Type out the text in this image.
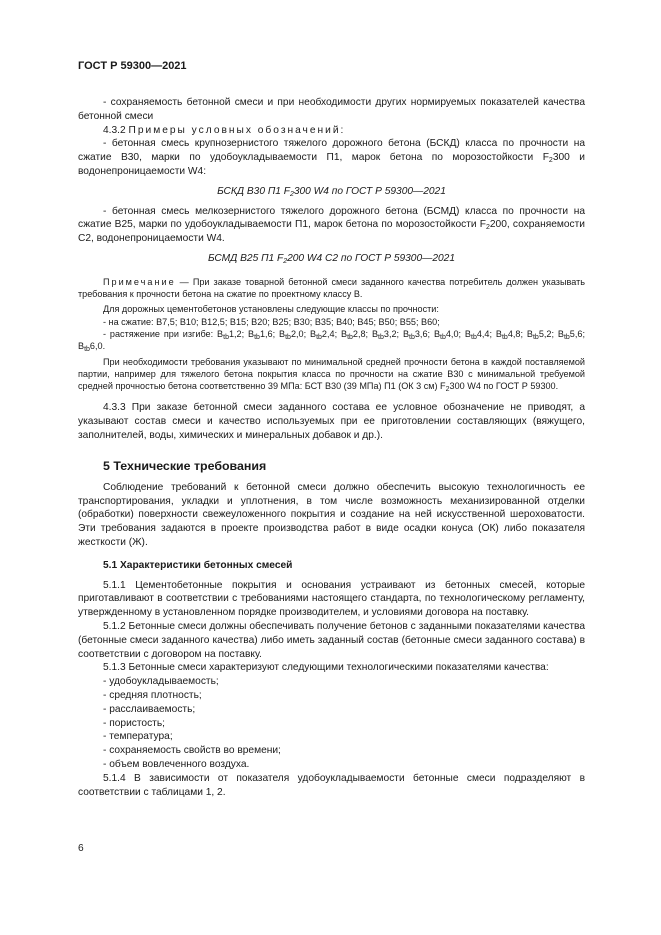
ГОСТ Р 59300—2021

- сохраняемость бетонной смеси и при необходимости других нормируемых показателей качества бетонной смеси

4.3.2 Примеры условных обозначений:

- бетонная смесь крупнозернистого тяжелого дорожного бетона (БСКД) класса по прочности на сжатие В30, марки по удобоукладываемости П1, марок бетона по морозостойкости $F_2300$ и водонепроницаемости W4:

БСКД В30 П1 $F_2300$ W4 по ГОСТ Р 59300—2021

- бетонная смесь мелкозернистого тяжелого дорожного бетона (БСМД) класса по прочности на сжатие В25, марки по удобоукладываемости П1, марок бетона по морозостойкости $F_2200$, сохраняемости С2, водонепроницаемости W4.

БСМД В25 П1 $F_2200$ W4 С2 по ГОСТ Р 59300—2021

Примечание — При заказе товарной бетонной смеси заданного качества потребитель должен указывать требования к прочности бетона на сжатие по проектному классу В.

Для дорожных цементобетонов установлены следующие классы по прочности:

- на сжатие: В7,5; В10; В12,5; В15; В20; В25; В30; В35; В40; В45; В50; В55; В60;

- растяжение при изгибе: $B_{tb}1,2$; $B_{tb}1,6$; $B_{tb}2,0$; $B_{tb}2,4$; $B_{tb}2,8$; $B_{tb}3,2$; $B_{tb}3,6$; $B_{tb}4,0$; $B_{tb}4,4$; $B_{tb}4,8$; $B_{tb}5,2$; $B_{tb}5,6$; $B_{tb}6,0$.

При необходимости требования указывают по минимальной средней прочности бетона в каждой поставляемой партии, например для тяжелого бетона покрытия класса по прочности на сжатие В30 с минимальной требуемой средней прочностью бетона соответственно 39 МПа: БСТ В30 (39 МПа) П1 (ОК 3 см) $F_2300$ W4 по ГОСТ Р 59300.

4.3.3 При заказе бетонной смеси заданного состава ее условное обозначение не приводят, а указывают состав смеси и качество используемых при ее приготовлении составляющих (вяжущего, заполнителей, воды, химических и минеральных добавок и др.).

5 Технические требования

Соблюдение требований к бетонной смеси должно обеспечить высокую технологичность ее транспортирования, укладки и уплотнения, в том числе возможность механизированной отделки (обработки) поверхности свежеуложенного покрытия и создание на ней искусственной шероховатости. Эти требования задаются в проекте производства работ в виде осадки конуса (ОК) либо показателя жесткости (Ж).

5.1 Характеристики бетонных смесей

5.1.1 Цементобетонные покрытия и основания устраивают из бетонных смесей, которые приготавливают в соответствии с требованиями настоящего стандарта, по технологическому регламенту, утвержденному в установленном порядке производителем, и условиями договора на поставку.

5.1.2 Бетонные смеси должны обеспечивать получение бетонов с заданными показателями качества (бетонные смеси заданного качества) либо иметь заданный состав (бетонные смеси заданного состава) в соответствии с договором на поставку.

5.1.3 Бетонные смеси характеризуют следующими технологическими показателями качества:

- удобоукладываемость;
- средняя плотность;
- расслаиваемость;
- пористость;
- температура;
- сохраняемость свойств во времени;
- объем вовлеченного воздуха.

5.1.4 В зависимости от показателя удобоукладываемости бетонные смеси подразделяют в соответствии с таблицами 1, 2.

6
